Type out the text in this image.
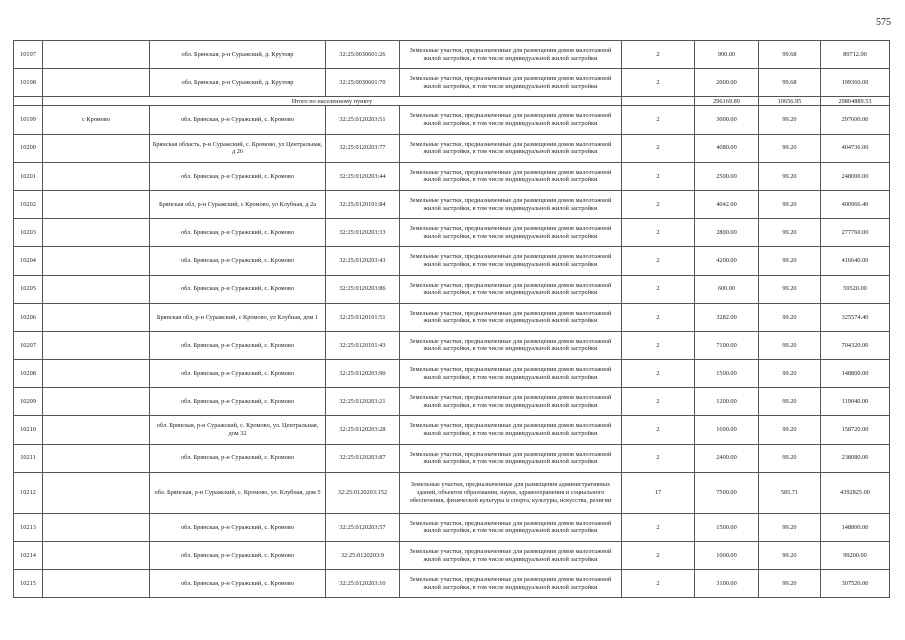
575
10197		обл. Брянская, р-н Суражский, д. Крутояр	32:25:0030601:26	Земельные участки, предназначенные для размещения домов малоэтажной жилой застройки, в том числе индивидуальной жилой застройки	2	900.00	99.68	89712.00
10198		обл. Брянская, р-н Суражский, д. Крутояр	32:25:0030601:70	Земельные участки, предназначенные для размещения домов малоэтажной жилой застройки, в том числе индивидуальной жилой застройки	2	2000.00	99.68	199360.00
	Итого по населенному пункту					296169.89	10656.95	29804889.53
10199	с Кромово	обл. Брянская, р-н Суражский, с. Кромово	32:25:0120203:51	Земельные участки, предназначенные для размещения домов малоэтажной жилой застройки, в том числе индивидуальной жилой застройки	2	3000.00	99.20	297600.00
10200		Брянская область, р-н Суражский, с. Кромово, ул Центральная, д 26	32:25:0120203:77	Земельные участки, предназначенные для размещения домов малоэтажной жилой застройки, в том числе индивидуальной жилой застройки	2	4080.00	99.20	404736.00
10201		обл. Брянская, р-н Суражский, с. Кромово	32:25:0120203:44	Земельные участки, предназначенные для размещения домов малоэтажной жилой застройки, в том числе индивидуальной жилой застройки	2	2500.00	99.20	248000.00
10202		Брянская обл, р-н Суражский, с Кромово, ул Клубная, д 2а	32:25:0120101:84	Земельные участки, предназначенные для размещения домов малоэтажной жилой застройки, в том числе индивидуальной жилой застройки	2	4042.00	99.20	400966.40
10203		обл. Брянская, р-н Суражский, с. Кромово	32:25:0120203:33	Земельные участки, предназначенные для размещения домов малоэтажной жилой застройки, в том числе индивидуальной жилой застройки	2	2800.00	99.20	277760.00
10204		обл. Брянская, р-н Суражский, с. Кромово	32:25:0120203:43	Земельные участки, предназначенные для размещения домов малоэтажной жилой застройки, в том числе индивидуальной жилой застройки	2	4200.00	99.20	416640.00
10205		обл. Брянская, р-н Суражский, с. Кромово	32:25:0120203:86	Земельные участки, предназначенные для размещения домов малоэтажной жилой застройки, в том числе индивидуальной жилой застройки	2	600.00	99.20	59520.00
10206		Брянская обл, р-н Суражский, с Кромово, ул Клубная, дом 1	32:25:0120101:51	Земельные участки, предназначенные для размещения домов малоэтажной жилой застройки, в том числе индивидуальной жилой застройки	2	3282.00	99.20	325574.40
10207		обл. Брянская, р-н Суражский, с. Кромово	32:25:0120101:43	Земельные участки, предназначенные для размещения домов малоэтажной жилой застройки, в том числе индивидуальной жилой застройки	2	7100.00	99.20	704320.00
10208		обл. Брянская, р-н Суражский, с. Кромово	32:25:0120203:90	Земельные участки, предназначенные для размещения домов малоэтажной жилой застройки, в том числе индивидуальной жилой застройки	2	1500.00	99.20	148800.00
10209		обл. Брянская, р-н Суражский, с. Кромово	32:25:0120203:21	Земельные участки, предназначенные для размещения домов малоэтажной жилой застройки, в том числе индивидуальной жилой застройки	2	1200.00	99.20	119040.00
10210		обл. Брянская, р-н Суражский, с. Кромово, ул. Центральная, дом 32	32:25:0120203:28	Земельные участки, предназначенные для размещения домов малоэтажной жилой застройки, в том числе индивидуальной жилой застройки	2	1600.00	99.20	158720.00
10211		обл. Брянская, р-н Суражский, с. Кромово	32:25:0120203:87	Земельные участки, предназначенные для размещения домов малоэтажной жилой застройки, в том числе индивидуальной жилой застройки	2	2400.00	99.20	238080.00
10212		обл. Брянская, р-н Суражский, с. Кромово, ул. Клубная, дом 5	32:25:0120203:152	Земельные участки, предназначенные для размещения административных зданий, объектов образования, науки, здравоохранения и социального обеспечения, физической культуры и спорта, культуры, искусства, религии	17	7500.00	585.71	4392825.00
10213		обл. Брянская, р-н Суражский, с. Кромово	32:25:0120203:57	Земельные участки, предназначенные для размещения домов малоэтажной жилой застройки, в том числе индивидуальной жилой застройки	2	1500.00	99.20	148800.00
10214		обл. Брянская, р-н Суражский, с. Кромово	32:25:0120203:9	Земельные участки, предназначенные для размещения домов малоэтажной жилой застройки, в том числе индивидуальной жилой застройки	2	1000.00	99.20	99200.00
10215		обл. Брянская, р-н Суражский, с. Кромово	32:25:0120203:10	Земельные участки, предназначенные для размещения домов малоэтажной жилой застройки, в том числе индивидуальной жилой застройки	2	3100.00	99.20	307520.00
